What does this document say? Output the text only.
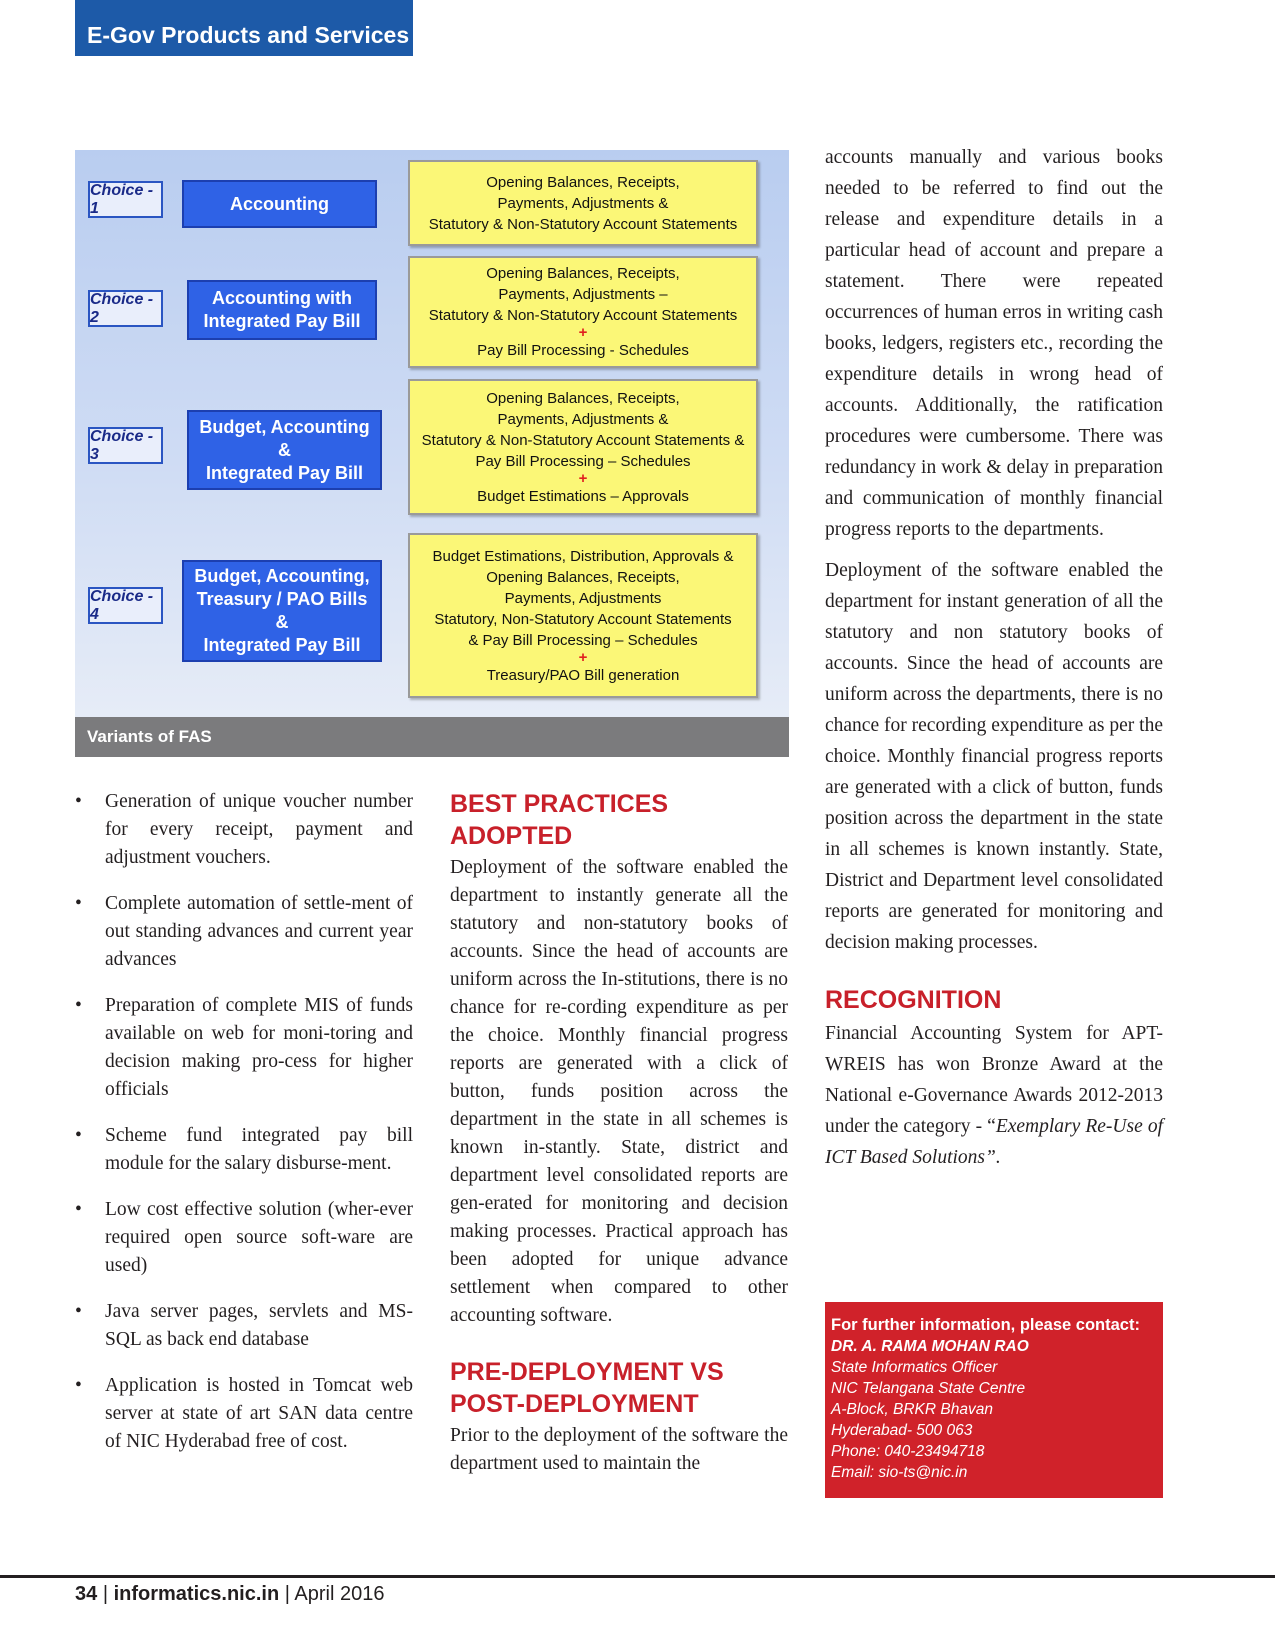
E-Gov Products and Services
Choice - 1	Accounting
Opening Balances, Receipts,
Payments, Adjustments &
Statutory & Non-Statutory Account Statements
Choice - 2
Accounting with
Integrated Pay Bill
Opening Balances, Receipts,
Payments, Adjustments –
Statutory & Non-Statutory Account Statements
+
Pay Bill Processing - Schedules
Choice - 3
Budget, Accounting
&
Integrated Pay Bill
Opening Balances, Receipts,
Payments, Adjustments &
Statutory & Non-Statutory Account Statements &
Pay Bill Processing – Schedules
+
Budget Estimations – Approvals
Choice - 4
Budget, Accounting,
Treasury / PAO Bills
&
Integrated Pay Bill
Budget Estimations, Distribution, Approvals &
Opening Balances, Receipts,
Payments, Adjustments
Statutory, Non-Statutory Account Statements
& Pay Bill Processing – Schedules
+
Treasury/PAO Bill generation
Variants of FAS
• Generation of unique voucher number for every receipt, payment and adjustment vouchers.
• Complete automation of settle-ment of out standing advances and current year advances
• Preparation of complete MIS of funds available on web for moni-toring and decision making pro-cess for higher officials
• Scheme fund integrated pay bill module for the salary disburse-ment.
• Low cost effective solution (wher-ever required open source soft-ware are used)
• Java server pages, servlets and MS-SQL as back end database
• Application is hosted in Tomcat web server at state of art SAN data centre of NIC Hyderabad free of cost.
BEST PRACTICES ADOPTED

Deployment of the software enabled the department to instantly generate all the statutory and non-statutory books of accounts. Since the head of accounts are uniform across the In-stitutions, there is no chance for re-cording expenditure as per the choice. Monthly financial progress reports are generated with a click of button, funds position across the department in the state in all schemes is known in-stantly. State, district and department level consolidated reports are gen-erated for monitoring and decision making processes. Practical approach has been adopted for unique advance settlement when compared to other accounting software.

PRE-DEPLOYMENT VS POST-DEPLOYMENT

Prior to the deployment of the software the department used to maintain the

accounts manually and various books needed to be referred to find out the release and expenditure details in a particular head of account and prepare a statement. There were repeated occurrences of human erros in writing cash books, ledgers, registers etc., recording the expenditure details in wrong head of accounts. Additionally, the ratification procedures were cumbersome. There was redundancy in work & delay in preparation and communication of monthly financial progress reports to the departments.

Deployment of the software enabled the department for instant generation of all the statutory and non statutory books of accounts. Since the head of accounts are uniform across the departments, there is no chance for recording expenditure as per the choice. Monthly financial progress reports are generated with a click of button, funds position across the department in the state in all schemes is known instantly. State, District and Department level consolidated reports are generated for monitoring and decision making processes.

RECOGNITION

Financial Accounting System for APT-WREIS has won Bronze Award at the National e-Governance Awards 2012-2013 under the category - “Exemplary Re-Use of ICT Based Solutions”.

For further information, please contact:
DR. A. RAMA MOHAN RAO
State Informatics Officer
NIC Telangana State Centre
A-Block, BRKR Bhavan
Hyderabad- 500 063
Phone: 040-23494718
Email: sio-ts@nic.in
34 | informatics.nic.in | April 2016
